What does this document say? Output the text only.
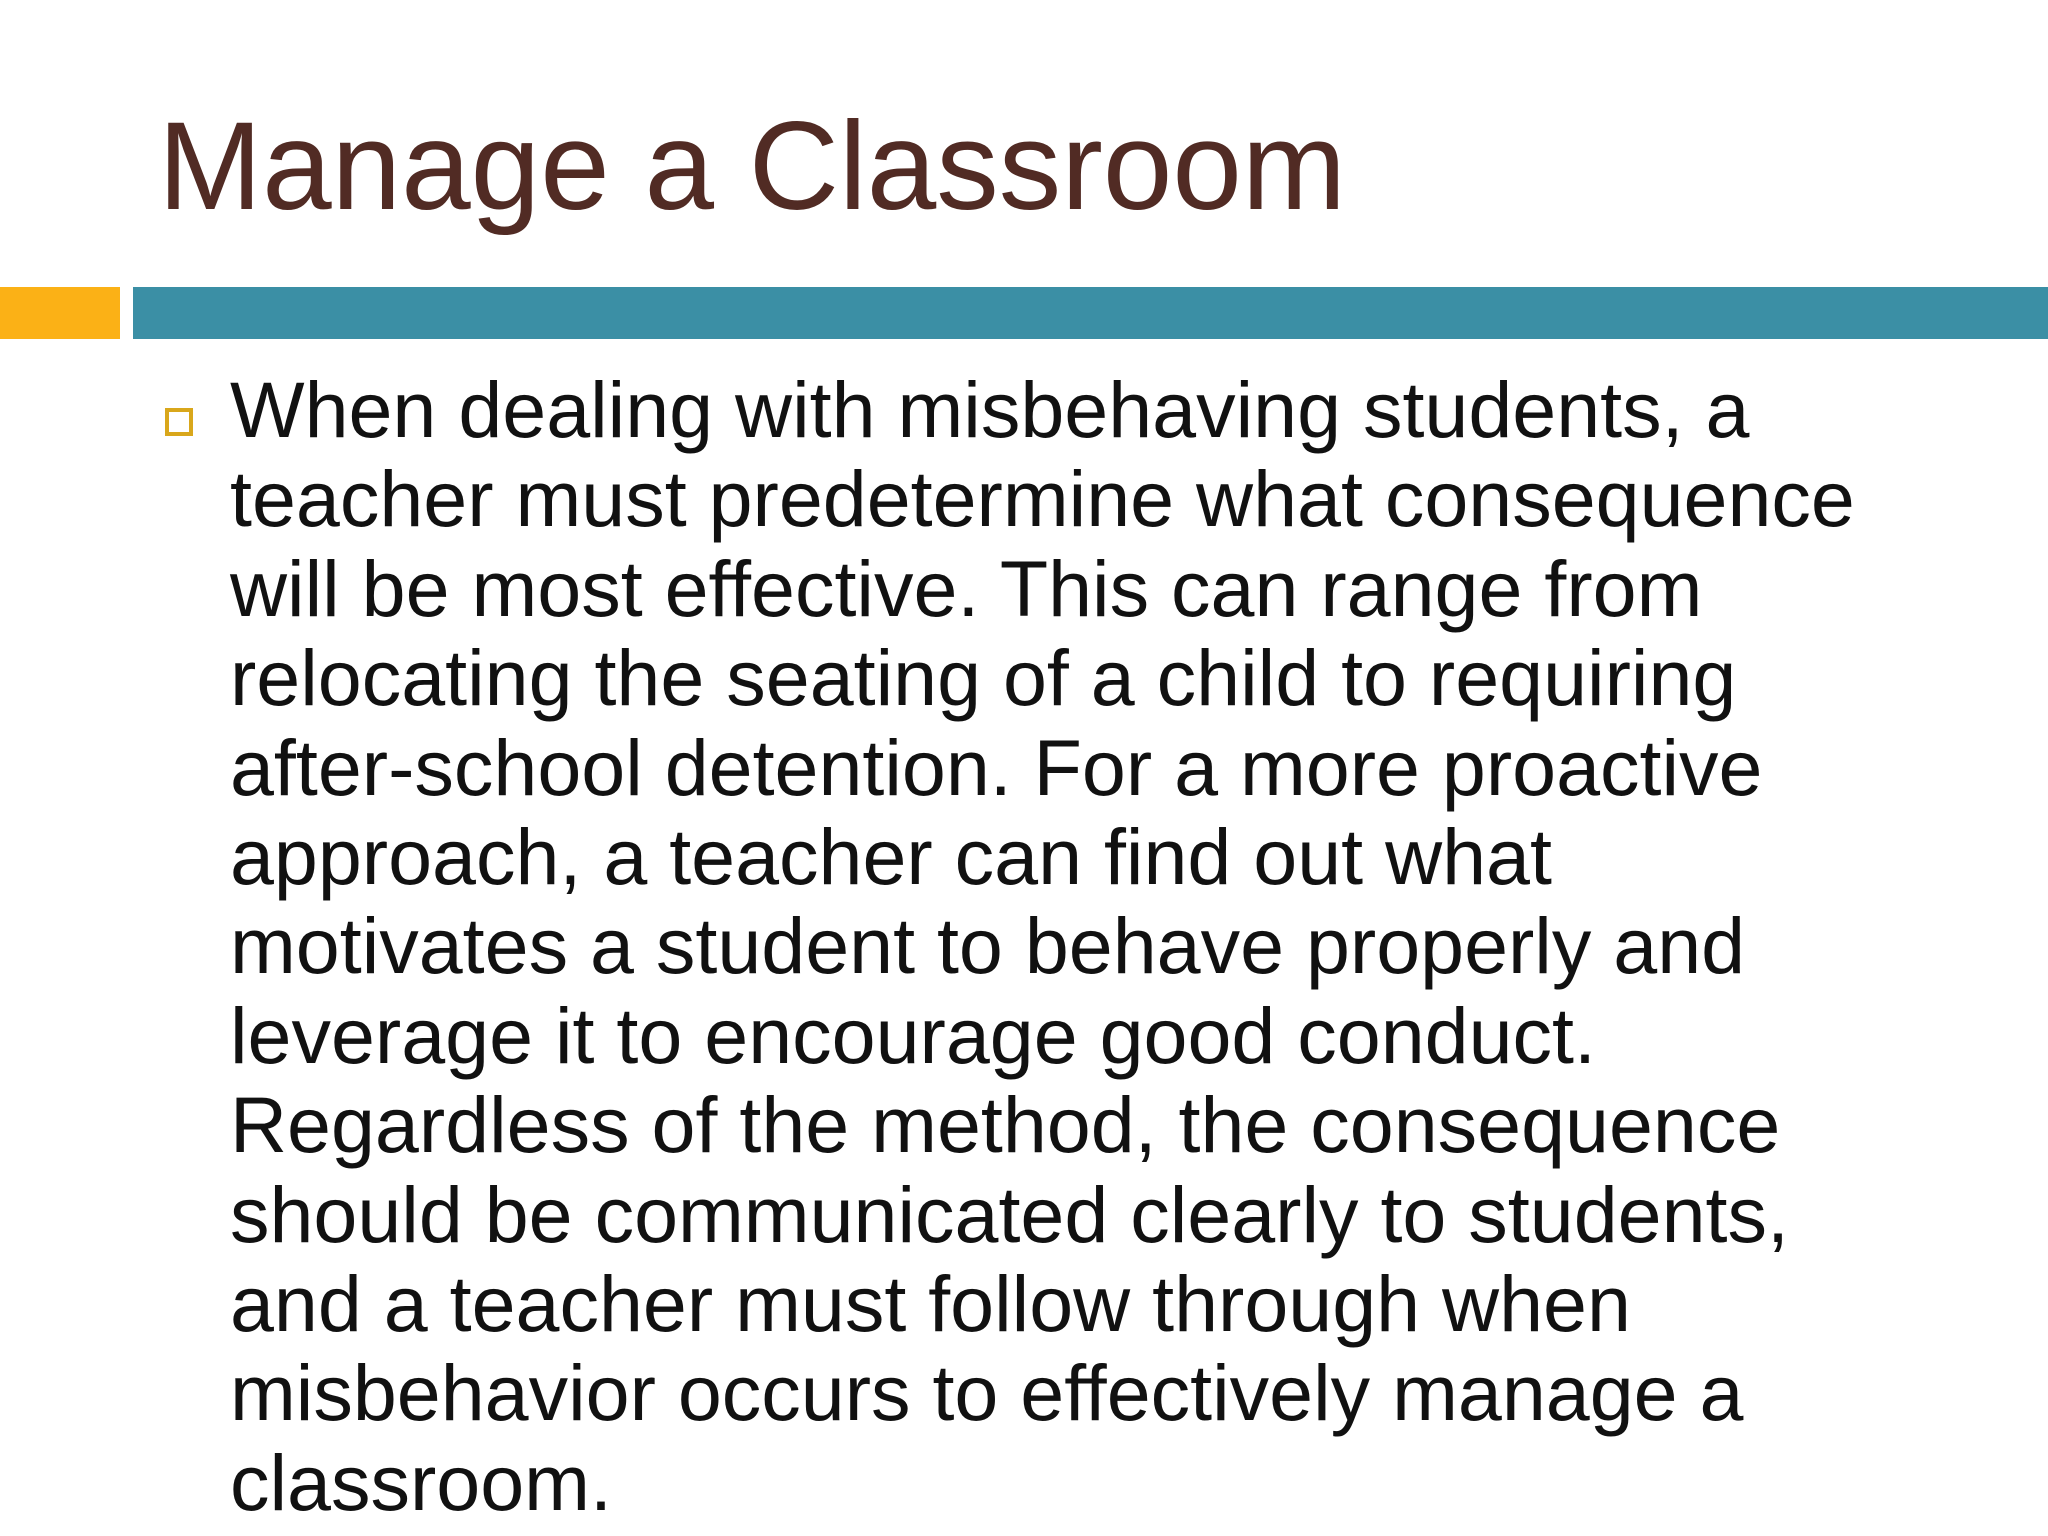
Manage a Classroom

When dealing with misbehaving students, a
teacher must predetermine what consequence
will be most effective. This can range from
relocating the seating of a child to requiring
after-school detention. For a more proactive
approach, a teacher can find out what
motivates a student to behave properly and
leverage it to encourage good conduct.
Regardless of the method, the consequence
should be communicated clearly to students,
and a teacher must follow through when
misbehavior occurs to effectively manage a
classroom.
